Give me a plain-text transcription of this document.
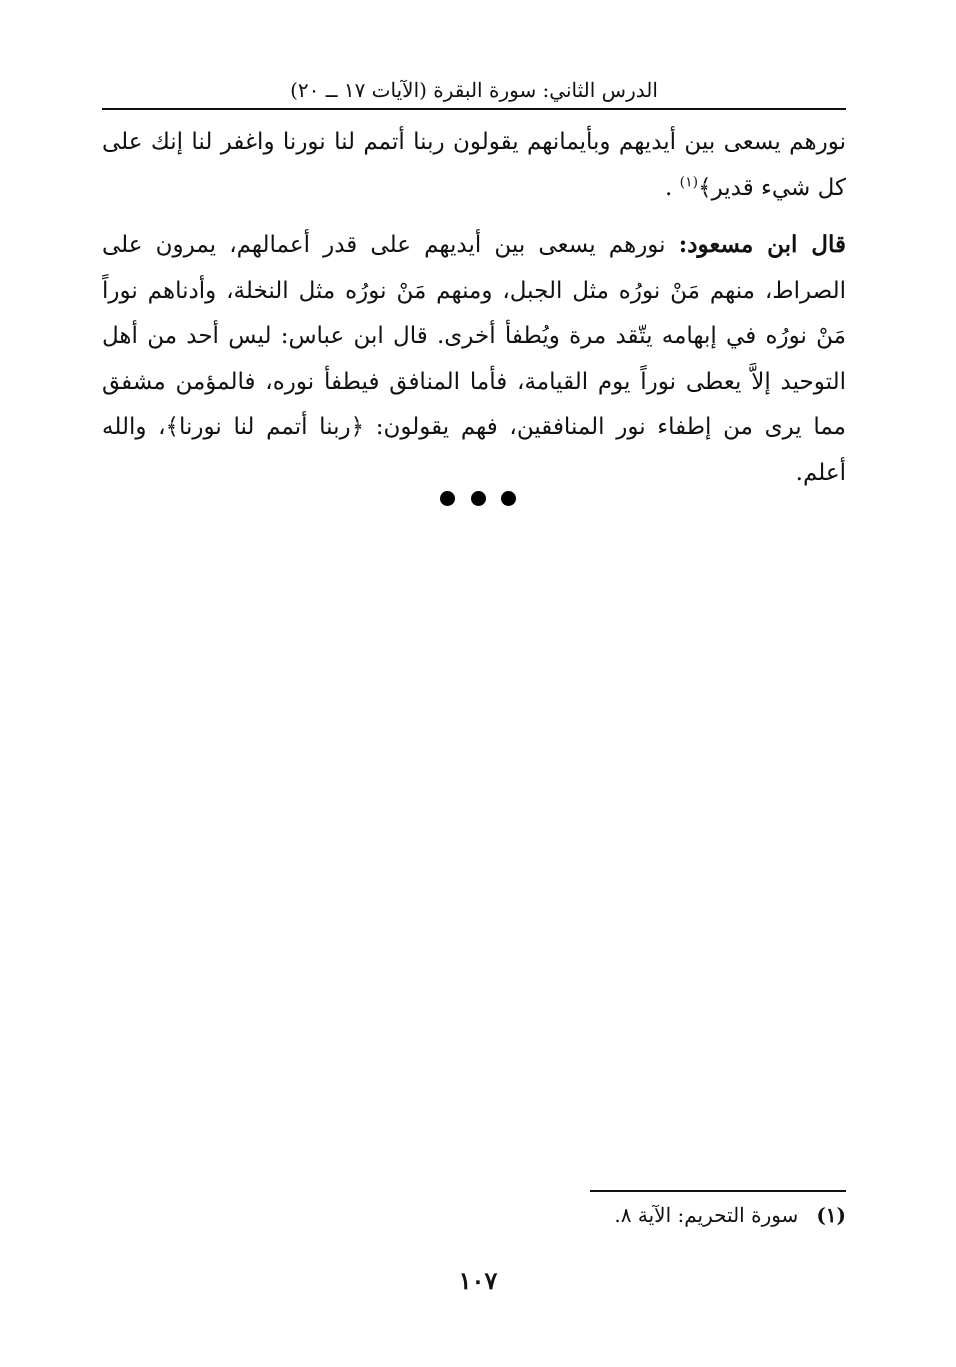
الدرس الثاني: سورة البقرة (الآيات ١٧ ــ ٢٠)
نورهم يسعى بين أيديهم وبأيمانهم يقولون ربنا أتمم لنا نورنا واغفر لنا إنك على كل شيء قدير﴾$^{(١)}$ .
قال ابن مسعود: نورهم يسعى بين أيديهم على قدر أعمالهم، يمرون على الصراط، منهم مَنْ نورُه مثل الجبل، ومنهم مَنْ نورُه مثل النخلة، وأدناهم نوراً مَنْ نورُه في إبهامه يتّقد مرة ويُطفأ أخرى. قال ابن عباس: ليس أحد من أهل التوحيد إلاَّ يعطى نوراً يوم القيامة، فأما المنافق فيطفأ نوره، فالمؤمن مشفق مما يرى من إطفاء نور المنافقين، فهم يقولون: ﴿ربنا أتمم لنا نورنا﴾، والله أعلم.
(١)سورة التحريم: الآية ٨.
١٠٧
